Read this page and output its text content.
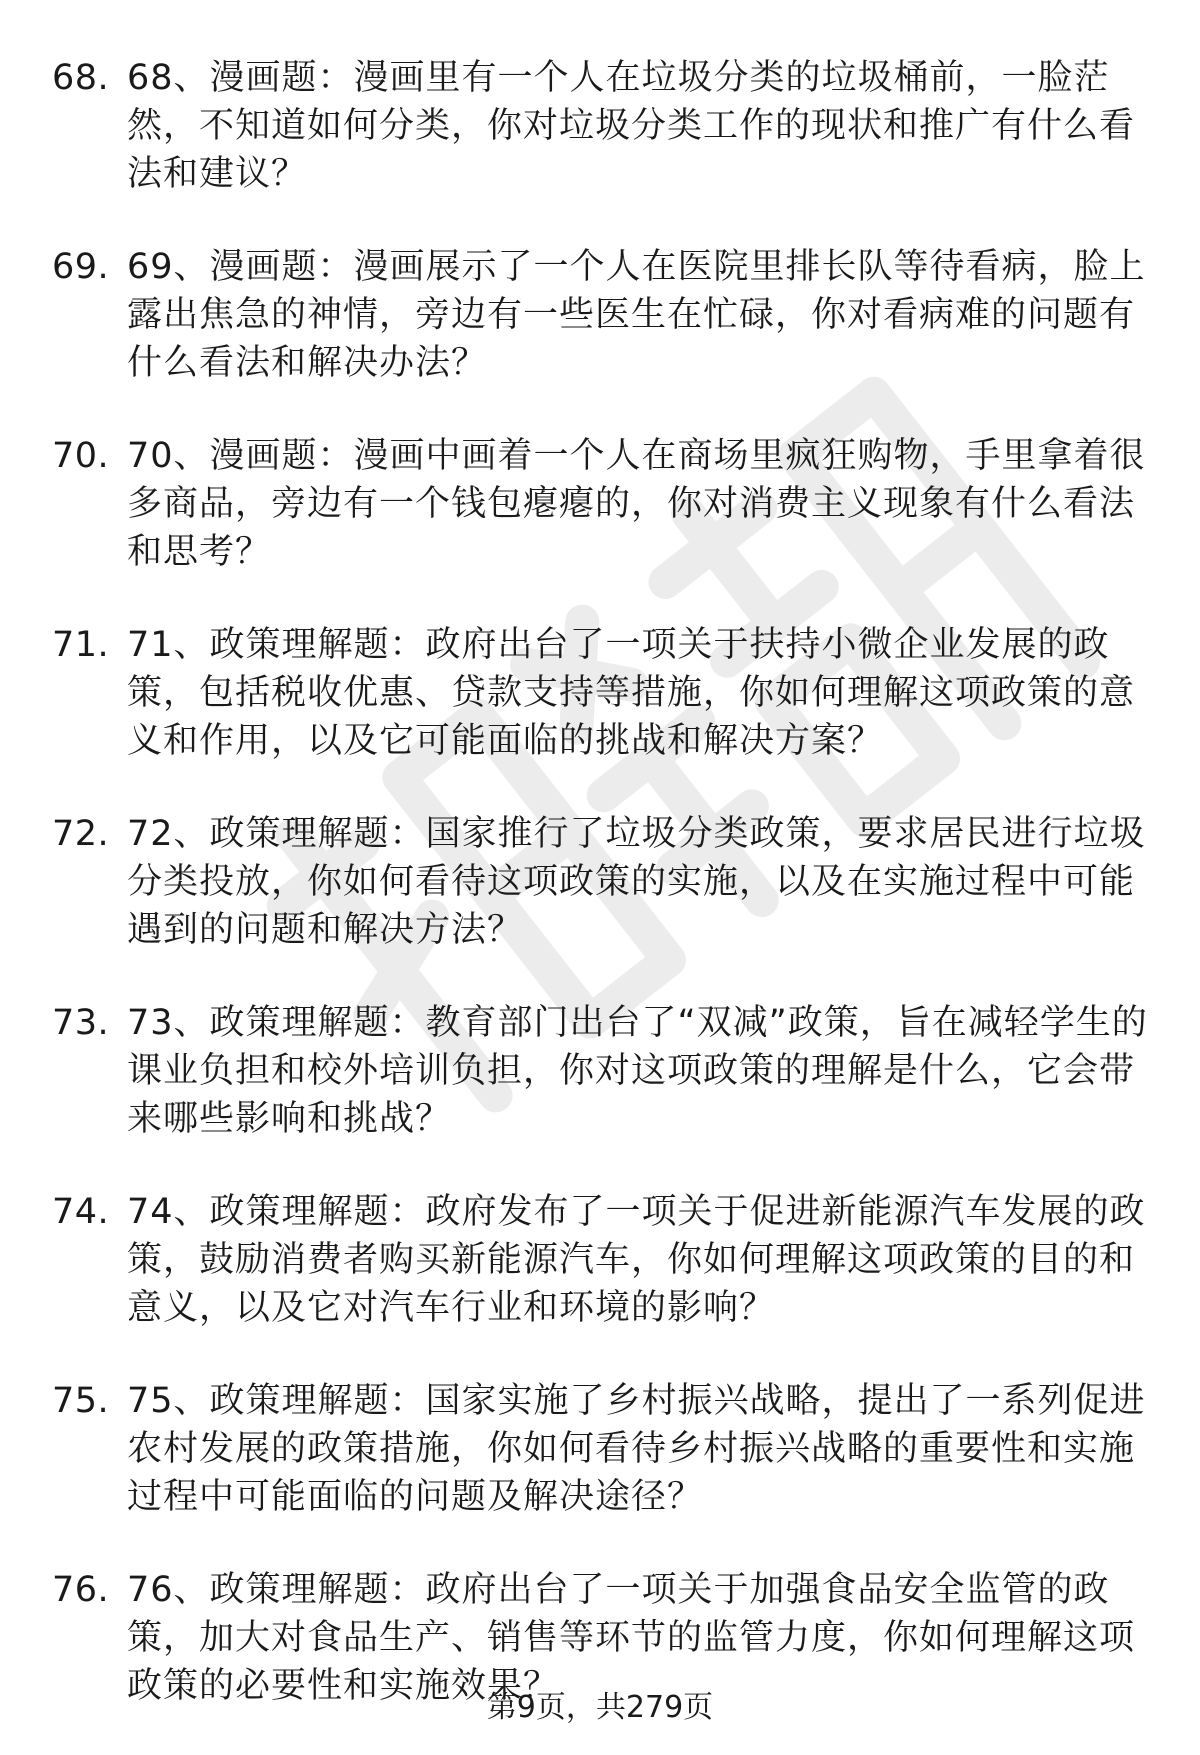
68. 68、漫画题：漫画里有一个人在垃圾分类的垃圾桶前，一脸茫然，不知道如何分类，你对垃圾分类工作的现状和推广有什么看法和建议？
69. 69、漫画题：漫画展示了一个人在医院里排长队等待看病，脸上露出焦急的神情，旁边有一些医生在忙碌，你对看病难的问题有什么看法和解决办法？
70. 70、漫画题：漫画中画着一个人在商场里疯狂购物，手里拿着很多商品，旁边有一个钱包瘪瘪的，你对消费主义现象有什么看法和思考？
71. 71、政策理解题：政府出台了一项关于扶持小微企业发展的政策，包括税收优惠、贷款支持等措施，你如何理解这项政策的意义和作用，以及它可能面临的挑战和解决方案？
72. 72、政策理解题：国家推行了垃圾分类政策，要求居民进行垃圾分类投放，你如何看待这项政策的实施，以及在实施过程中可能遇到的问题和解决方法？
73. 73、政策理解题：教育部门出台了“双减”政策，旨在减轻学生的课业负担和校外培训负担，你对这项政策的理解是什么，它会带来哪些影响和挑战？
74. 74、政策理解题：政府发布了一项关于促进新能源汽车发展的政策，鼓励消费者购买新能源汽车，你如何理解这项政策的目的和意义，以及它对汽车行业和环境的影响？
75. 75、政策理解题：国家实施了乡村振兴战略，提出了一系列促进农村发展的政策措施，你如何看待乡村振兴战略的重要性和实施过程中可能面临的问题及解决途径？
76. 76、政策理解题：政府出台了一项关于加强食品安全监管的政策，加大对食品生产、销售等环节的监管力度，你如何理解这项政策的必要性和实施效果？
第9页，共279页
